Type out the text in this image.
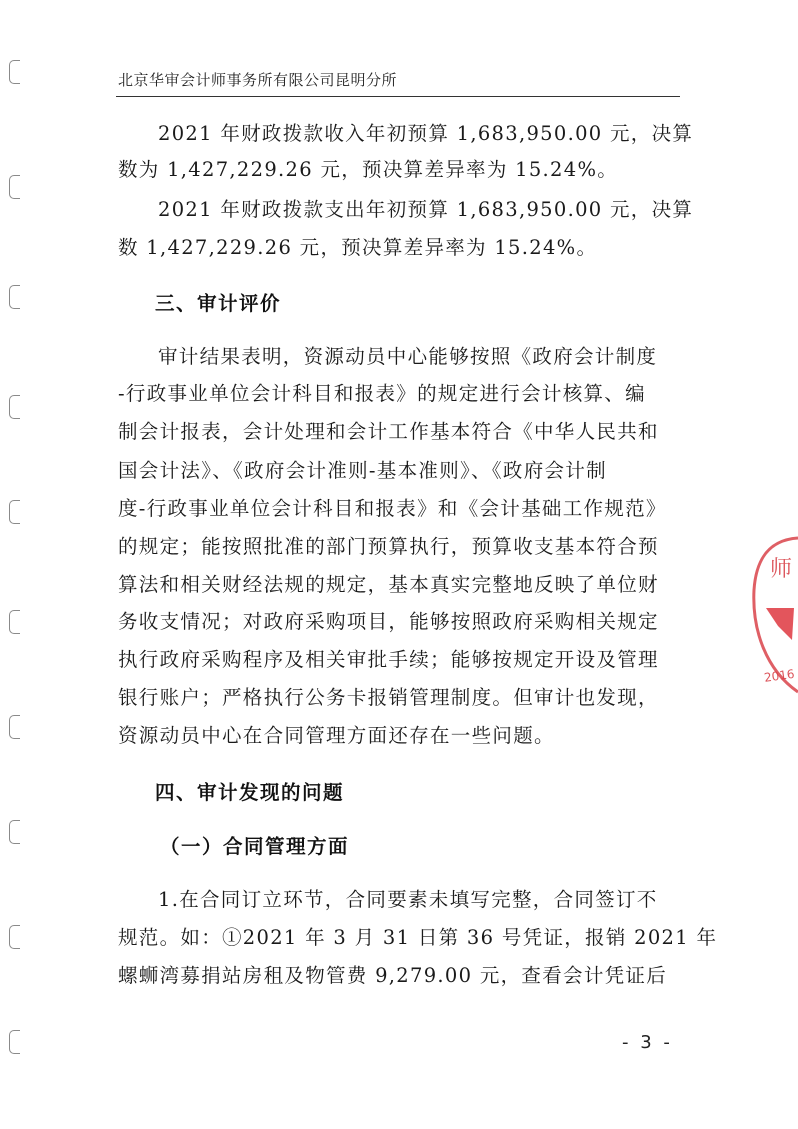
北京华审会计师事务所有限公司昆明分所
2021 年财政拨款收入年初预算 1,683,950.00 元，决算
数为 1,427,229.26 元，预决算差异率为 15.24%。
2021 年财政拨款支出年初预算 1,683,950.00 元，决算
数 1,427,229.26 元，预决算差异率为 15.24%。
三、审计评价
审计结果表明，资源动员中心能够按照《政府会计制度
-行政事业单位会计科目和报表》的规定进行会计核算、编
制会计报表，会计处理和会计工作基本符合《中华人民共和
国会计法》、《政府会计准则-基本准则》、《政府会计制
度-行政事业单位会计科目和报表》和《会计基础工作规范》
的规定；能按照批准的部门预算执行，预算收支基本符合预
算法和相关财经法规的规定，基本真实完整地反映了单位财
务收支情况；对政府采购项目，能够按照政府采购相关规定
执行政府采购程序及相关审批手续；能够按规定开设及管理
银行账户；严格执行公务卡报销管理制度。但审计也发现，
资源动员中心在合同管理方面还存在一些问题。
四、审计发现的问题
（一）合同管理方面
1.在合同订立环节，合同要素未填写完整，合同签订不
规范。如：①2021 年 3 月 31 日第 36 号凭证，报销 2021 年
螺蛳湾募捐站房租及物管费 9,279.00 元，查看会计凭证后
师
2016
- 3 -
